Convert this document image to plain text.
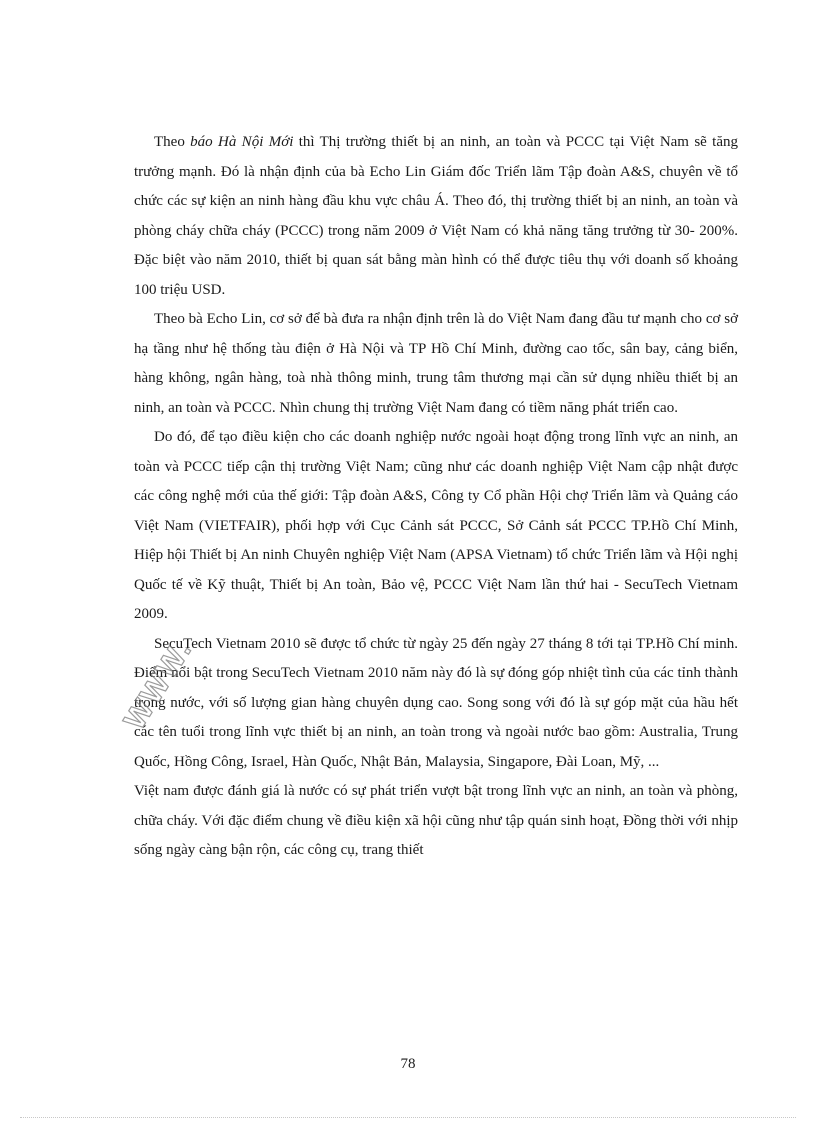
Theo báo Hà Nội Mới thì Thị trường thiết bị an ninh, an toàn và PCCC tại Việt Nam sẽ tăng trưởng mạnh. Đó là nhận định của bà Echo Lin Giám đốc Triển lãm Tập đoàn A&S, chuyên về tổ chức các sự kiện an ninh hàng đầu khu vực châu Á. Theo đó, thị trường thiết bị an ninh, an toàn và phòng cháy chữa cháy (PCCC) trong năm 2009 ở Việt Nam có khả năng tăng trưởng từ 30- 200%. Đặc biệt vào năm 2010, thiết bị quan sát bằng màn hình có thể được tiêu thụ với doanh số khoảng 100 triệu USD.

Theo bà Echo Lin, cơ sở để bà đưa ra nhận định trên là do Việt Nam đang đầu tư mạnh cho cơ sở hạ tầng như hệ thống tàu điện ở Hà Nội và TP Hồ Chí Minh, đường cao tốc, sân bay, cảng biển, hàng không, ngân hàng, toà nhà thông minh, trung tâm thương mại cần sử dụng nhiều thiết bị an ninh, an toàn và PCCC. Nhìn chung thị trường Việt Nam đang có tiềm năng phát triển cao.

Do đó, để tạo điều kiện cho các doanh nghiệp nước ngoài hoạt động trong lĩnh vực an ninh, an toàn và PCCC tiếp cận thị trường Việt Nam; cũng như các doanh nghiệp Việt Nam cập nhật được các công nghệ mới của thế giới: Tập đoàn A&S, Công ty Cổ phần Hội chợ Triển lãm và Quảng cáo Việt Nam (VIETFAIR), phối hợp với Cục Cảnh sát PCCC, Sở Cảnh sát PCCC TP.Hồ Chí Minh, Hiệp hội Thiết bị An ninh Chuyên nghiệp Việt Nam (APSA Vietnam) tổ chức Triển lãm và Hội nghị Quốc tế về Kỹ thuật, Thiết bị An toàn, Bảo vệ, PCCC Việt Nam lần thứ hai - SecuTech Vietnam 2009.

SecuTech Vietnam 2010 sẽ được tổ chức từ ngày 25 đến ngày 27 tháng 8 tới tại TP.Hồ Chí minh. Điểm nổi bật trong SecuTech Vietnam 2010 năm này đó là sự đóng góp nhiệt tình của các tỉnh thành trong nước, với số lượng gian hàng chuyên dụng cao. Song song với đó là sự góp mặt của hầu hết các tên tuổi trong lĩnh vực thiết bị an ninh, an toàn trong và ngoài nước bao gồm: Australia, Trung Quốc, Hồng Công, Israel, Hàn Quốc, Nhật Bản, Malaysia, Singapore, Đài Loan, Mỹ, ...

Việt nam được đánh giá là nước có sự phát triển vượt bật trong lĩnh vực an ninh, an toàn và phòng, chữa cháy. Với đặc điểm chung về điều kiện xã hội cũng như tập quán sinh hoạt, Đồng thời với nhịp sống ngày càng bận rộn, các công cụ, trang thiết

WWW.
78
